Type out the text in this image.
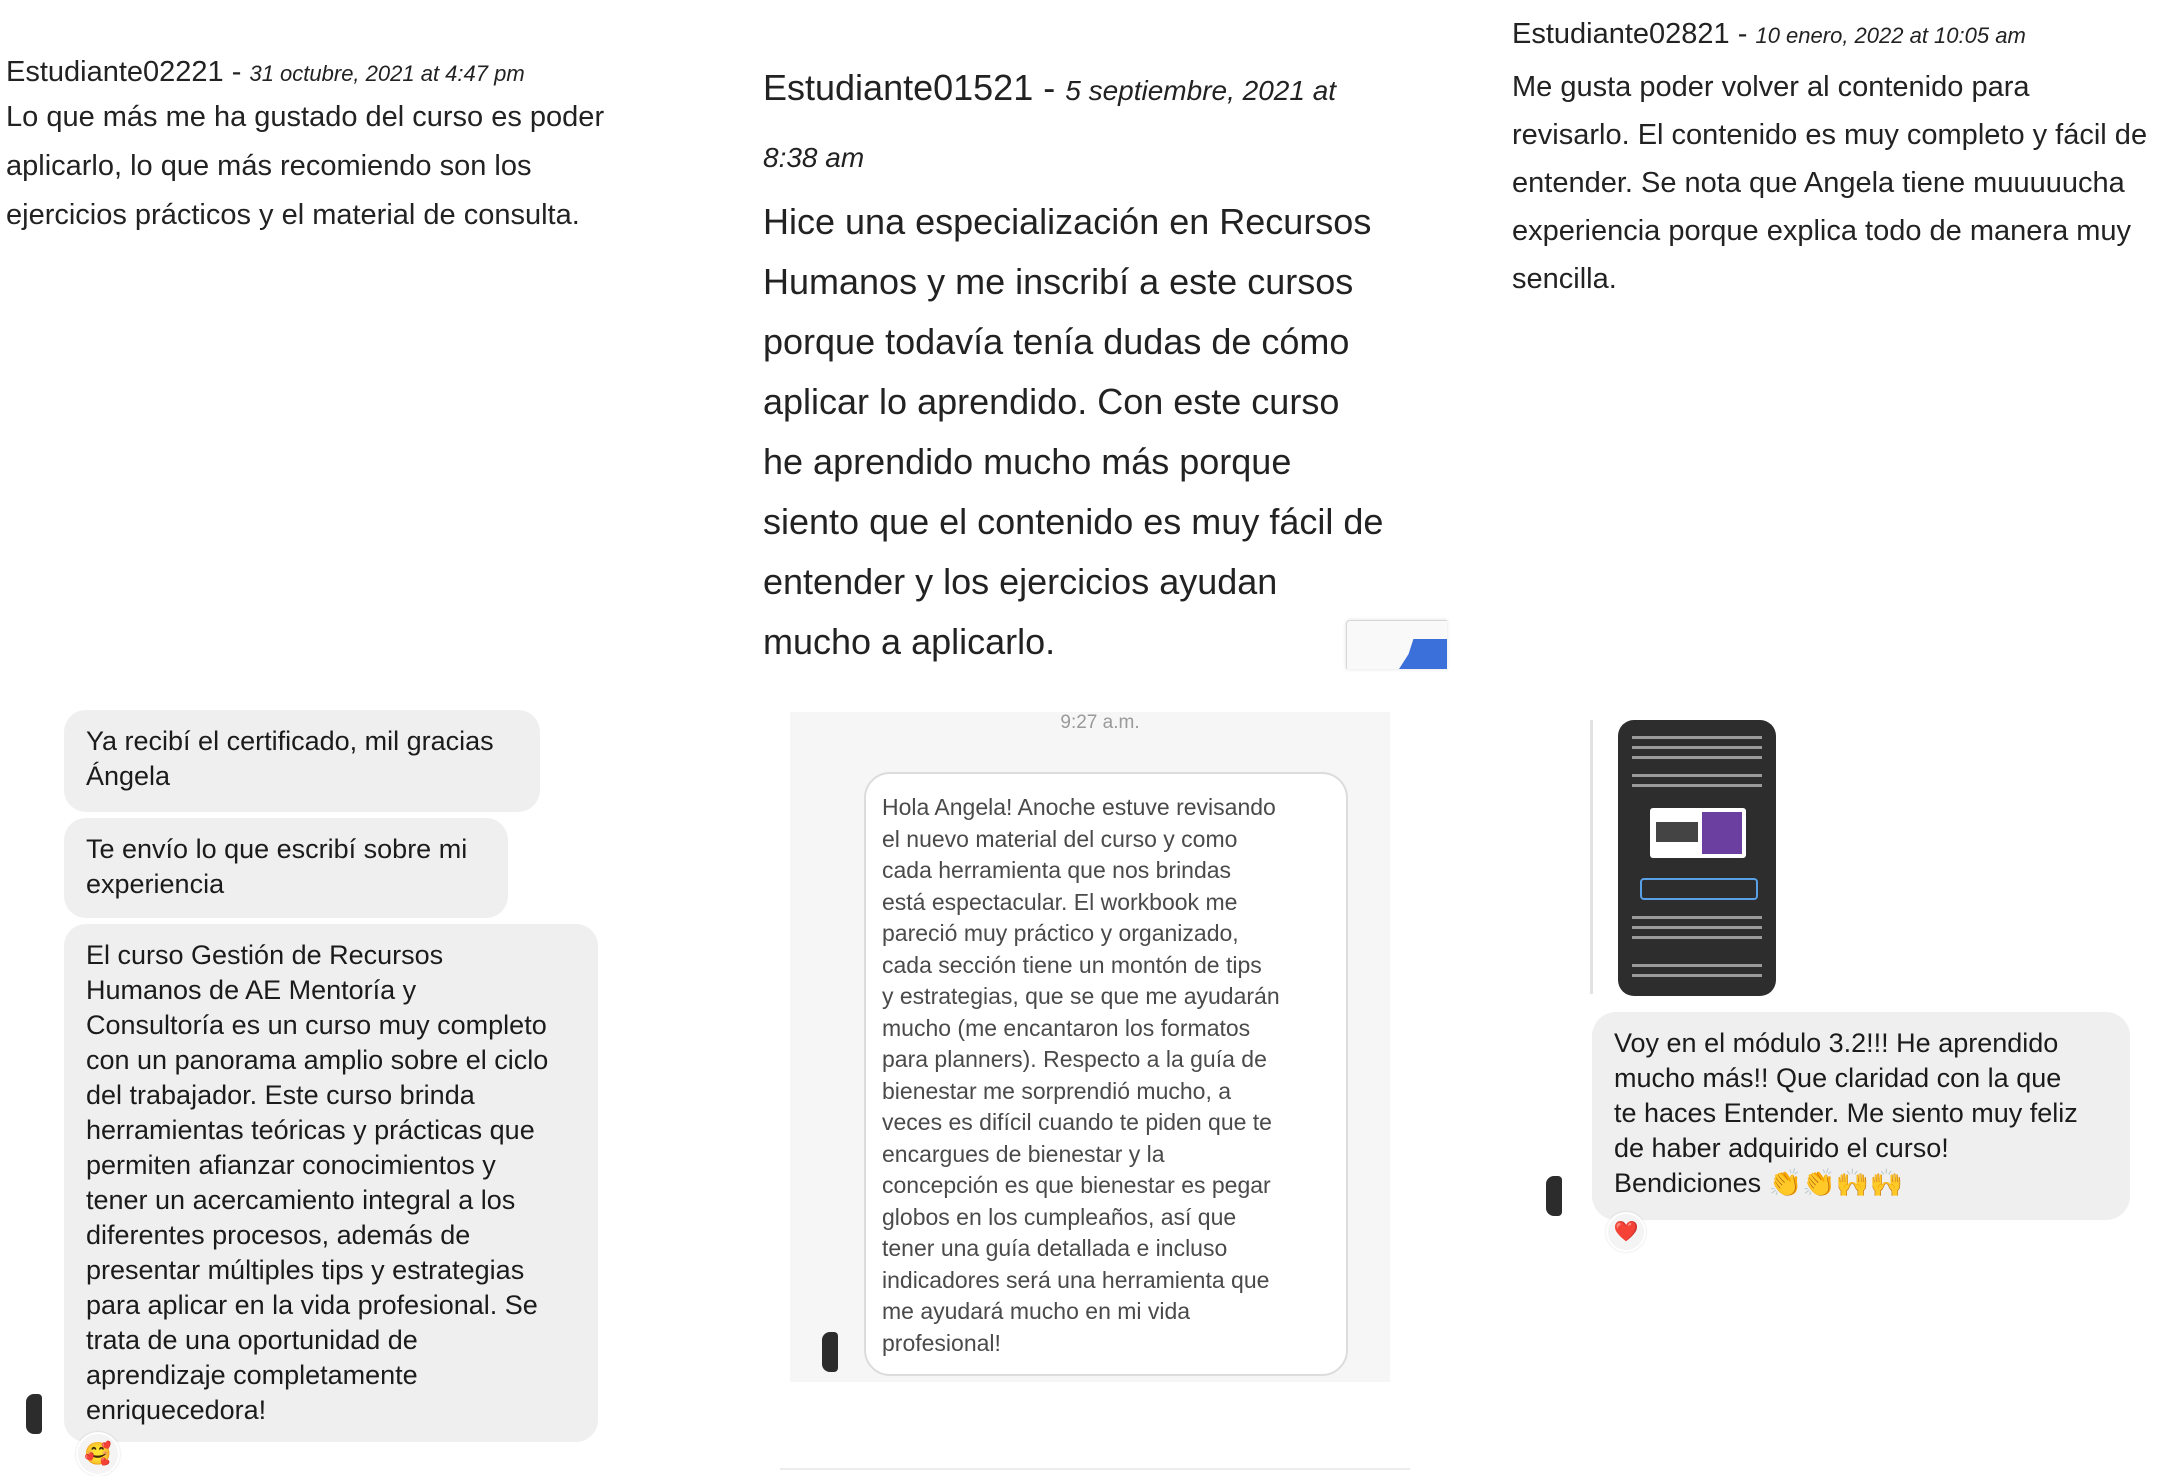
Estudiante02221 - 31 octubre, 2021 at 4:47 pm
Lo que más me ha gustado del curso es poder
aplicarlo, lo que más recomiendo son los
ejercicios prácticos y el material de consulta.
Estudiante01521 - 5 septiembre, 2021 at
8:38 am
Hice una especialización en Recursos
Humanos y me inscribí a este cursos
porque todavía tenía dudas de cómo
aplicar lo aprendido. Con este curso
he aprendido mucho más porque
siento que el contenido es muy fácil de
entender y los ejercicios ayudan
mucho a aplicarlo.
Estudiante02821 - 10 enero, 2022 at 10:05 am
Me gusta poder volver al contenido para
revisarlo. El contenido es muy completo y fácil de
entender. Se nota que Angela tiene muuuuucha
experiencia porque explica todo de manera muy
sencilla.
Ya recibí el certificado, mil gracias
Ángela
Te envío lo que escribí sobre mi
experiencia
El curso Gestión de Recursos
Humanos de AE Mentoría y
Consultoría es un curso muy completo
con un panorama amplio sobre el ciclo
del trabajador. Este curso brinda
herramientas teóricas y prácticas que
permiten afianzar conocimientos y
tener un acercamiento integral a los
diferentes procesos, además de
presentar múltiples tips y estrategias
para aplicar en la vida profesional. Se
trata de una oportunidad de
aprendizaje completamente
enriquecedora!
🥰
9:27 a.m.
Hola Angela! Anoche estuve revisando
el nuevo material del curso y como
cada herramienta que nos brindas
está espectacular. El workbook me
pareció muy práctico y organizado,
cada sección tiene un montón de tips
y estrategias, que se que me ayudarán
mucho (me encantaron los formatos
para planners). Respecto a la guía de
bienestar me sorprendió mucho, a
veces es difícil cuando te piden que te
encargues de bienestar y la
concepción es que bienestar es pegar
globos en los cumpleaños, así que
tener una guía detallada e incluso
indicadores será una herramienta que
me ayudará mucho en mi vida
profesional!
Voy en el módulo 3.2!!! He aprendido
mucho más!! Que claridad con la que
te haces Entender. Me siento muy feliz
de haber adquirido el curso!
Bendiciones 👏👏🙌🙌
❤️
